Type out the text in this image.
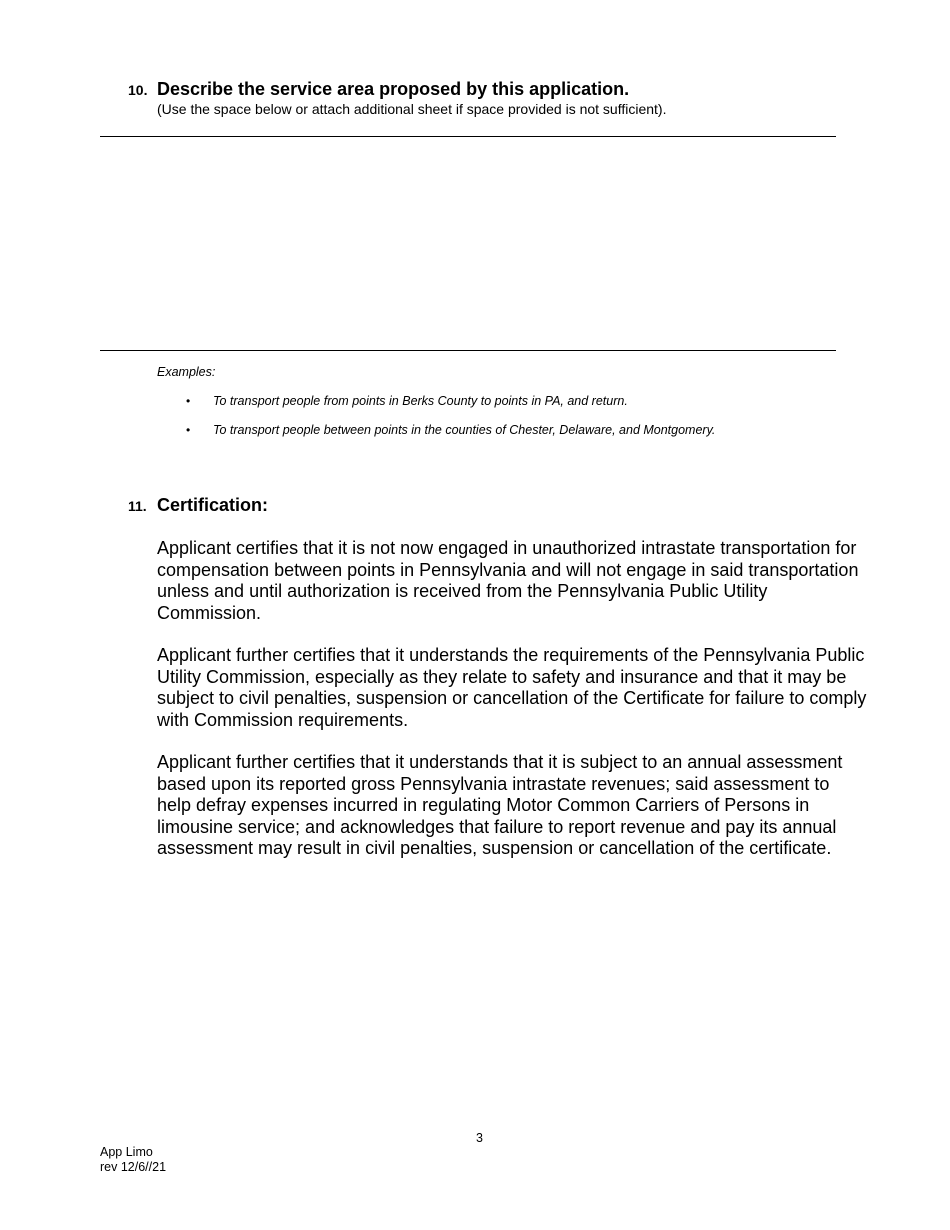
10. Describe the service area proposed by this application.
(Use the space below or attach additional sheet if space provided is not sufficient).
Examples:
• To transport people from points in Berks County to points in PA, and return.
• To transport people between points in the counties of Chester, Delaware, and Montgomery.
11. Certification:

Applicant certifies that it is not now engaged in unauthorized intrastate transportation for compensation between points in Pennsylvania and will not engage in said transportation unless and until authorization is received from the Pennsylvania Public Utility Commission.

Applicant further certifies that it understands the requirements of the Pennsylvania Public Utility Commission, especially as they relate to safety and insurance and that it may be subject to civil penalties, suspension or cancellation of the Certificate for failure to comply with Commission requirements.

Applicant further certifies that it understands that it is subject to an annual assessment based upon its reported gross Pennsylvania intrastate revenues; said assessment to help defray expenses incurred in regulating Motor Common Carriers of Persons in limousine service; and acknowledges that failure to report revenue and pay its annual assessment may result in civil penalties, suspension or cancellation of the certificate.

3
App Limo
rev 12/6//21
